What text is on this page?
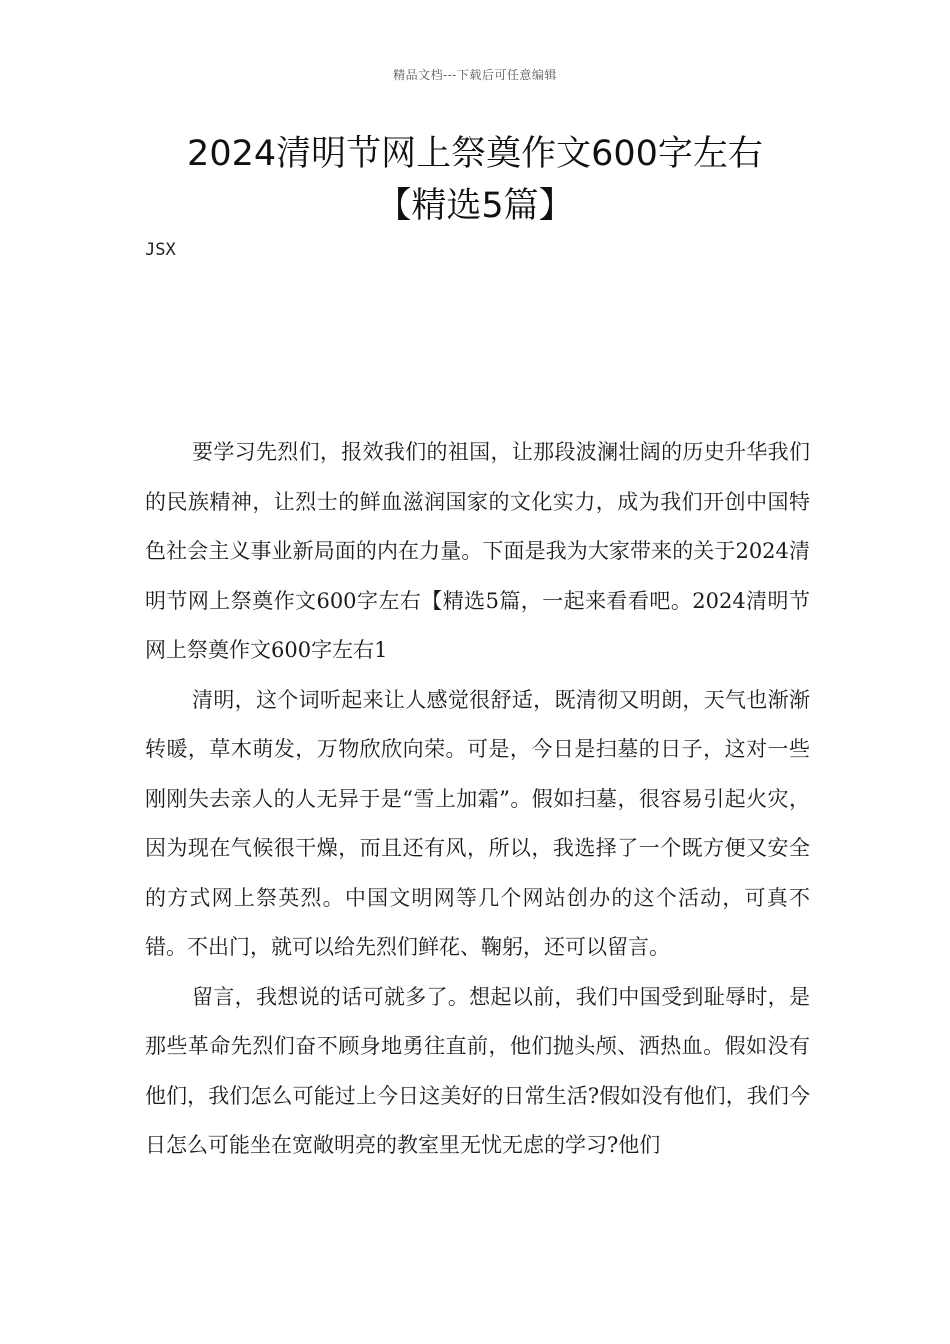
精品文档---下载后可任意编辑
2024清明节网上祭奠作文600字左右
【精选5篇】
JSX

要学习先烈们，报效我们的祖国，让那段波澜壮阔的历史升华我们的民族精神，让烈士的鲜血滋润国家的文化实力，成为我们开创中国特色社会主义事业新局面的内在力量。下面是我为大家带来的关于2024清明节网上祭奠作文600字左右【精选5篇，一起来看看吧。2024清明节网上祭奠作文600字左右1

清明，这个词听起来让人感觉很舒适，既清彻又明朗，天气也渐渐转暖，草木萌发，万物欣欣向荣。可是，今日是扫墓的日子，这对一些刚刚失去亲人的人无异于是“雪上加霜”。假如扫墓，很容易引起火灾，因为现在气候很干燥，而且还有风，所以，我选择了一个既方便又安全的方式网上祭英烈。中国文明网等几个网站创办的这个活动，可真不错。不出门，就可以给先烈们鲜花、鞠躬，还可以留言。

留言，我想说的话可就多了。想起以前，我们中国受到耻辱时，是那些革命先烈们奋不顾身地勇往直前，他们抛头颅、洒热血。假如没有他们，我们怎么可能过上今日这美好的日常生活?假如没有他们，我们今日怎么可能坐在宽敞明亮的教室里无忧无虑的学习?他们
